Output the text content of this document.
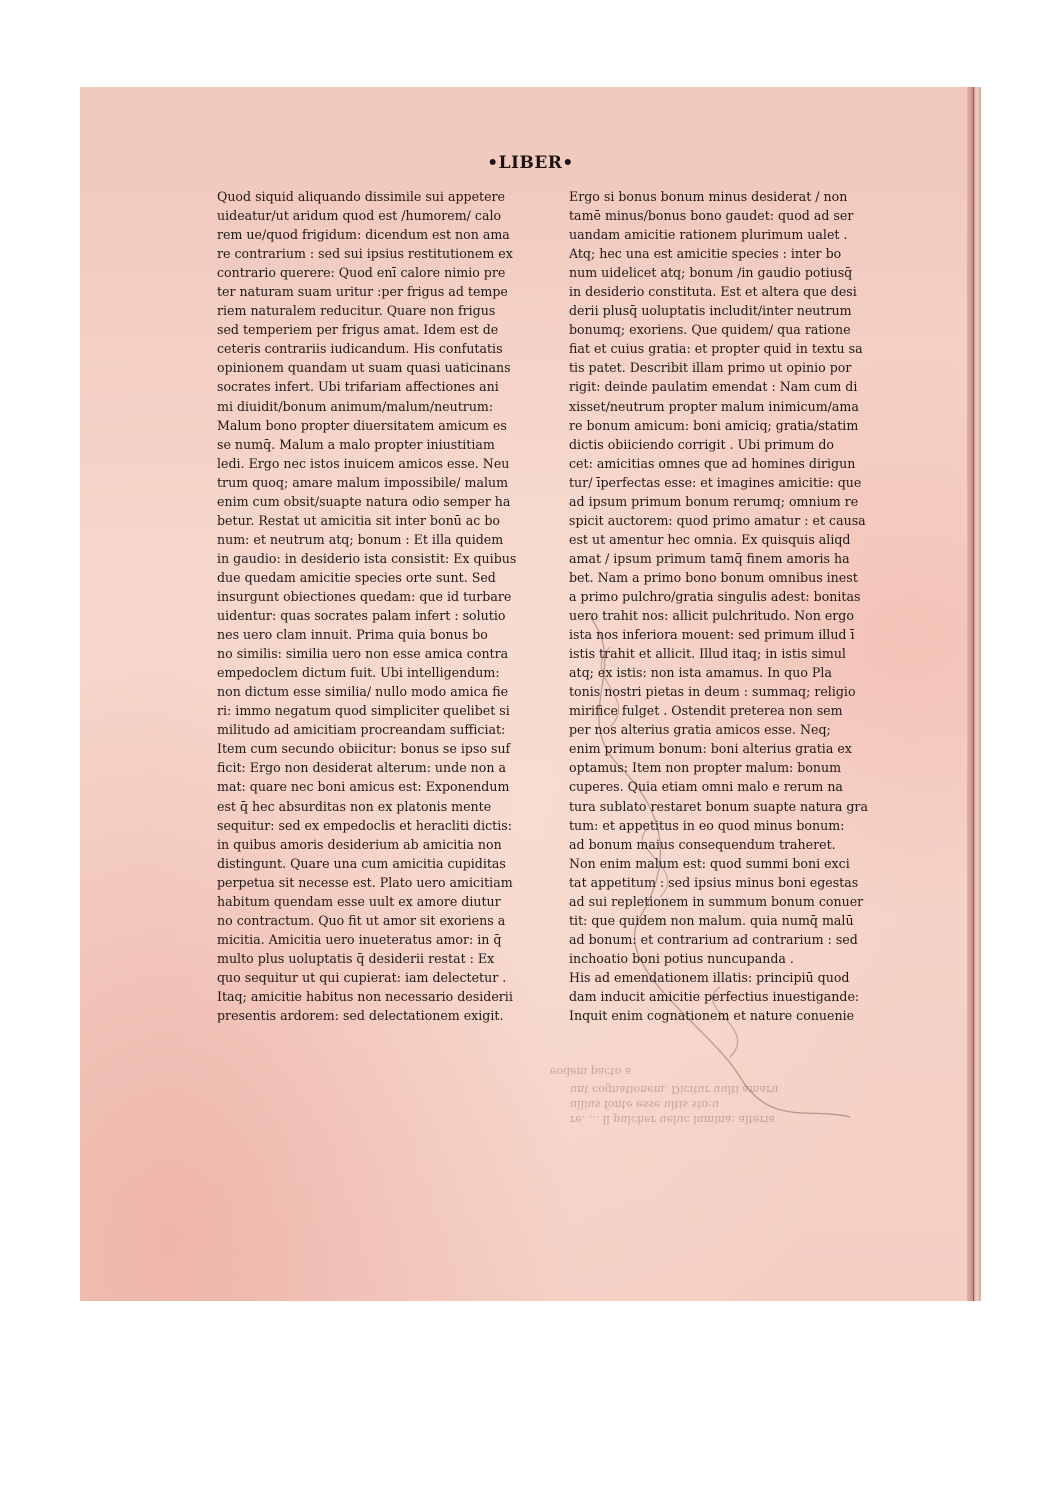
•LIBER•
Quod siquid aliquando dissimile sui appetere
uideatur/ut aridum quod est /humorem/ calo
rem ue/quod frigidum: dicendum est non ama
re contrarium : sed sui ipsius restitutionem ex
contrario querere: Quod enī calore nimio pre
ter naturam suam uritur :per frigus ad tempe
riem naturalem reducitur. Quare non frigus
sed temperiem per frigus amat. Idem est de
ceteris contrariis iudicandum. His confutatis
opinionem quandam ut suam quasi uaticinans
socrates infert. Ubi trifariam affectiones ani
mi diuidit/bonum animum/malum/neutrum:
Malum bono propter diuersitatem amicum es
se numq̄. Malum a malo propter iniustitiam
ledi. Ergo nec istos inuicem amicos esse. Neu
trum quoq; amare malum impossibile/ malum
enim cum obsit/suapte natura odio semper ha
betur. Restat ut amicitia sit inter bonū ac bo
num: et neutrum atq; bonum : Et illa quidem
in gaudio: in desiderio ista consistit: Ex quibus
due quedam amicitie species orte sunt. Sed
insurgunt obiectiones quedam: que id turbare
uidentur: quas socrates palam infert : solutio
nes uero clam innuit. Prima quia bonus bo
no similis: similia uero non esse amica contra
empedoclem dictum fuit. Ubi intelligendum:
non dictum esse similia/ nullo modo amica fie
ri: immo negatum quod simpliciter quelibet si
militudo ad amicitiam procreandam sufficiat:
Item cum secundo obiicitur: bonus se ipso suf
ficit: Ergo non desiderat alterum: unde non a
mat: quare nec boni amicus est: Exponendum
est q̄ hec absurditas non ex platonis mente
sequitur: sed ex empedoclis et heracliti dictis:
in quibus amoris desiderium ab amicitia non
distingunt. Quare una cum amicitia cupiditas
perpetua sit necesse est. Plato uero amicitiam
habitum quendam esse uult ex amore diutur
no contractum. Quo fit ut amor sit exoriens a
micitia. Amicitia uero inueteratus amor: in q̄
multo plus uoluptatis q̄ desiderii restat : Ex
quo sequitur ut qui cupierat: iam delectetur .
Itaq; amicitie habitus non necessario desiderii
presentis ardorem: sed delectationem exigit.
Ergo si bonus bonum minus desiderat / non
tamē minus/bonus bono gaudet: quod ad ser
uandam amicitie rationem plurimum ualet .
Atq; hec una est amicitie species : inter bo
num uidelicet atq; bonum /in gaudio potiusq̄
in desiderio constituta. Est et altera que desi
derii plusq̄ uoluptatis includit/inter neutrum
bonumq; exoriens. Que quidem/ qua ratione
fiat et cuius gratia: et propter quid in textu sa
tis patet. Describit illam primo ut opinio por
rigit: deinde paulatim emendat : Nam cum di
xisset/neutrum propter malum inimicum/ama
re bonum amicum: boni amiciq; gratia/statim
dictis obiiciendo corrigit . Ubi primum do
cet: amicitias omnes que ad homines dirigun
tur/ īperfectas esse: et imagines amicitie: que
ad ipsum primum bonum rerumq; omnium re
spicit auctorem: quod primo amatur : et causa
est ut amentur hec omnia. Ex quisquis aliqd
amat / ipsum primum tamq̄ finem amoris ha
bet. Nam a primo bono bonum omnibus inest
a primo pulchro/gratia singulis adest: bonitas
uero trahit nos: allicit pulchritudo. Non ergo
ista nos inferiora mouent: sed primum illud ī
istis trahit et allicit. Illud itaq; in istis simul
atq; ex istis: non ista amamus. In quo Pla
tonis nostri pietas in deum : summaq; religio
mirifice fulget . Ostendit preterea non sem
per nos alterius gratia amicos esse. Neq;
enim primum bonum: boni alterius gratia ex
optamus: Item non propter malum: bonum
cuperes. Quia etiam omni malo e rerum na
tura sublato restaret bonum suapte natura gra
tum: et appetitus in eo quod minus bonum:
ad bonum maius consequendum traheret.
Non enim malum est: quod summi boni exci
tat appetitum : sed ipsius minus boni egestas
ad sui repletionem in summum bonum conuer
tit: que quidem non malum. quia numq̄ malū
ad bonum: et contrarium ad contrarium : sed
inchoatio boni potius nuncupanda .
His ad emendationem illatis: principiū quod
dam inducit amicitie perfectius inuestigande:
Inquit enim cognationem et nature conuenie
eodem pacto a
re. ... ll pulcher ueluc lumina: alteria
ullius fonte esse ultis sto:u
unt cognationem. Dicitur uulti amaru
